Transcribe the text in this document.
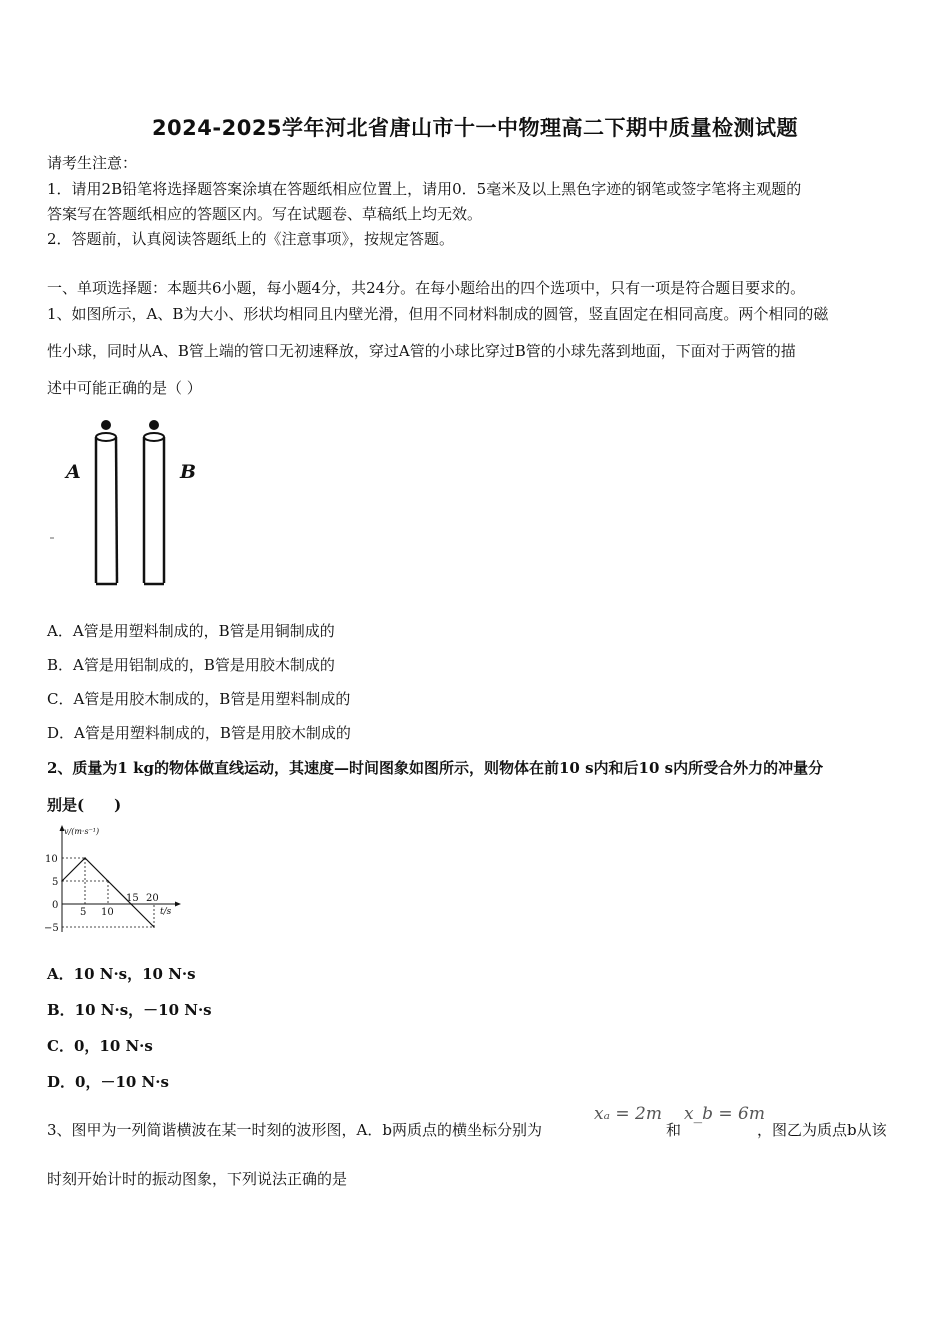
2024-2025学年河北省唐山市十一中物理高二下期中质量检测试题
请考生注意：
1．请用2B铅笔将选择题答案涂填在答题纸相应位置上，请用0．5毫米及以上黑色字迹的钢笔或签字笔将主观题的
答案写在答题纸相应的答题区内。写在试题卷、草稿纸上均无效。
2．答题前，认真阅读答题纸上的《注意事项》，按规定答题。
一、单项选择题：本题共6小题，每小题4分，共24分。在每小题给出的四个选项中，只有一项是符合题目要求的。
1、如图所示，A、B为大小、形状均相同且内壁光滑，但用不同材料制成的圆管，竖直固定在相同高度。两个相同的磁
性小球，同时从A、B管上端的管口无初速释放，穿过A管的小球比穿过B管的小球先落到地面，下面对于两管的描
述中可能正确的是（ ）
A	B
A．A管是用塑料制成的，B管是用铜制成的
B．A管是用铝制成的，B管是用胶木制成的
C．A管是用胶木制成的，B管是用塑料制成的
D．A管是用塑料制成的，B管是用胶木制成的
2、质量为1 kg的物体做直线运动，其速度—时间图象如图所示，则物体在前10 s内和后10 s内所受合外力的冲量分
别是(　　)
v/(m·s⁻¹)
t/s
10
5
0
−5
5 10
15 20
A．10 N·s，10 N·s
B．10 N·s，－10 N·s
C．0，10 N·s
D．0，－10 N·s
3、图甲为一列简谐横波在某一时刻的波形图，A．b两质点的横坐标分别为
xₐ = 2m
和
x_b = 6m
，图乙为质点b从该
时刻开始计时的振动图象，下列说法正确的是
